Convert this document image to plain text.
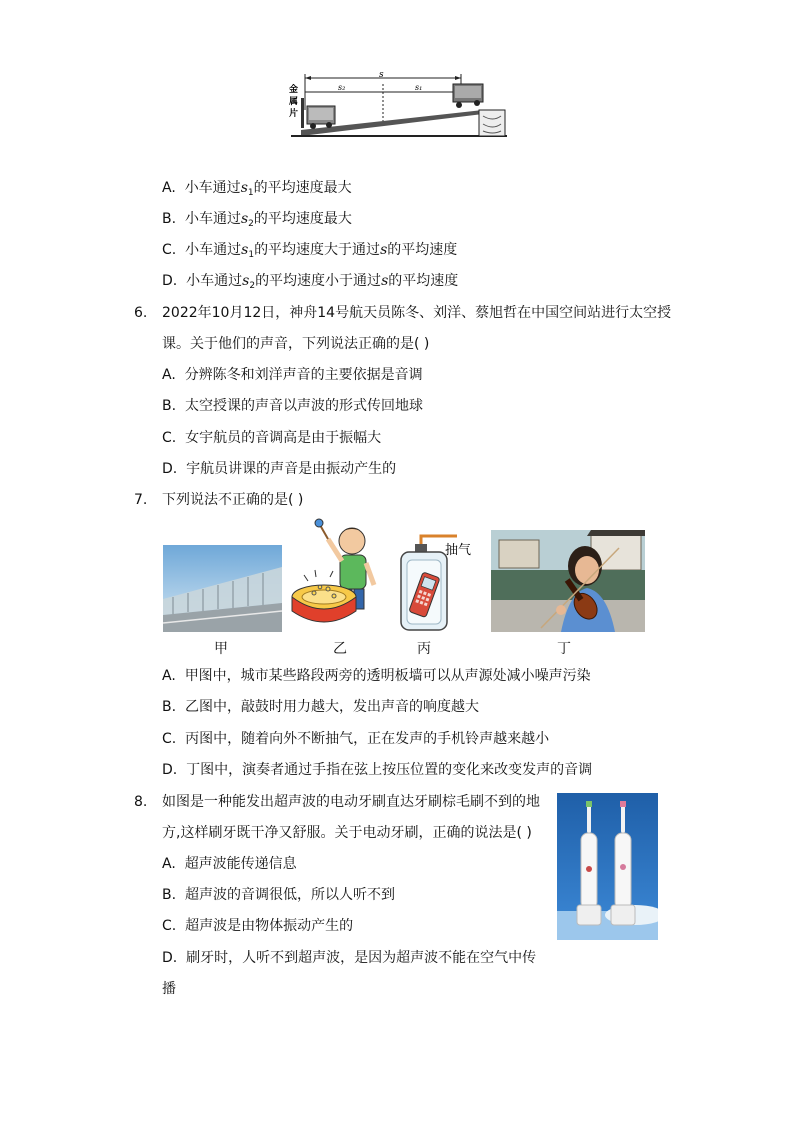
s
s₂	s₁
金
属
片
A. 小车通过$s_1$的平均速度最大
B. 小车通过$s_2$的平均速度最大
C. 小车通过$s_1$的平均速度大于通过s的平均速度
D. 小车通过$s_2$的平均速度小于通过s的平均速度
6. 2022年10月12日，神舟14号航天员陈冬、刘洋、蔡旭哲在中国空间站进行太空授
课。关于他们的声音，下列说法正确的是( )
A. 分辨陈冬和刘洋声音的主要依据是音调
B. 太空授课的声音以声波的形式传回地球
C. 女宇航员的音调高是由于振幅大
D. 宇航员讲课的声音是由振动产生的
7. 下列说法不正确的是( )
抽气
甲	乙	丙	丁
A. 甲图中，城市某些路段两旁的透明板墙可以从声源处减小噪声污染
B. 乙图中，敲鼓时用力越大，发出声音的响度越大
C. 丙图中，随着向外不断抽气，正在发声的手机铃声越来越小
D. 丁图中，演奏者通过手指在弦上按压位置的变化来改变发声的音调
8. 如图是一种能发出超声波的电动牙刷直达牙刷棕毛刷不到的地
方,这样刷牙既干净又舒服。关于电动牙刷，正确的说法是( )
A. 超声波能传递信息
B. 超声波的音调很低，所以人听不到
C. 超声波是由物体振动产生的
D. 刷牙时，人听不到超声波，是因为超声波不能在空气中传
播
